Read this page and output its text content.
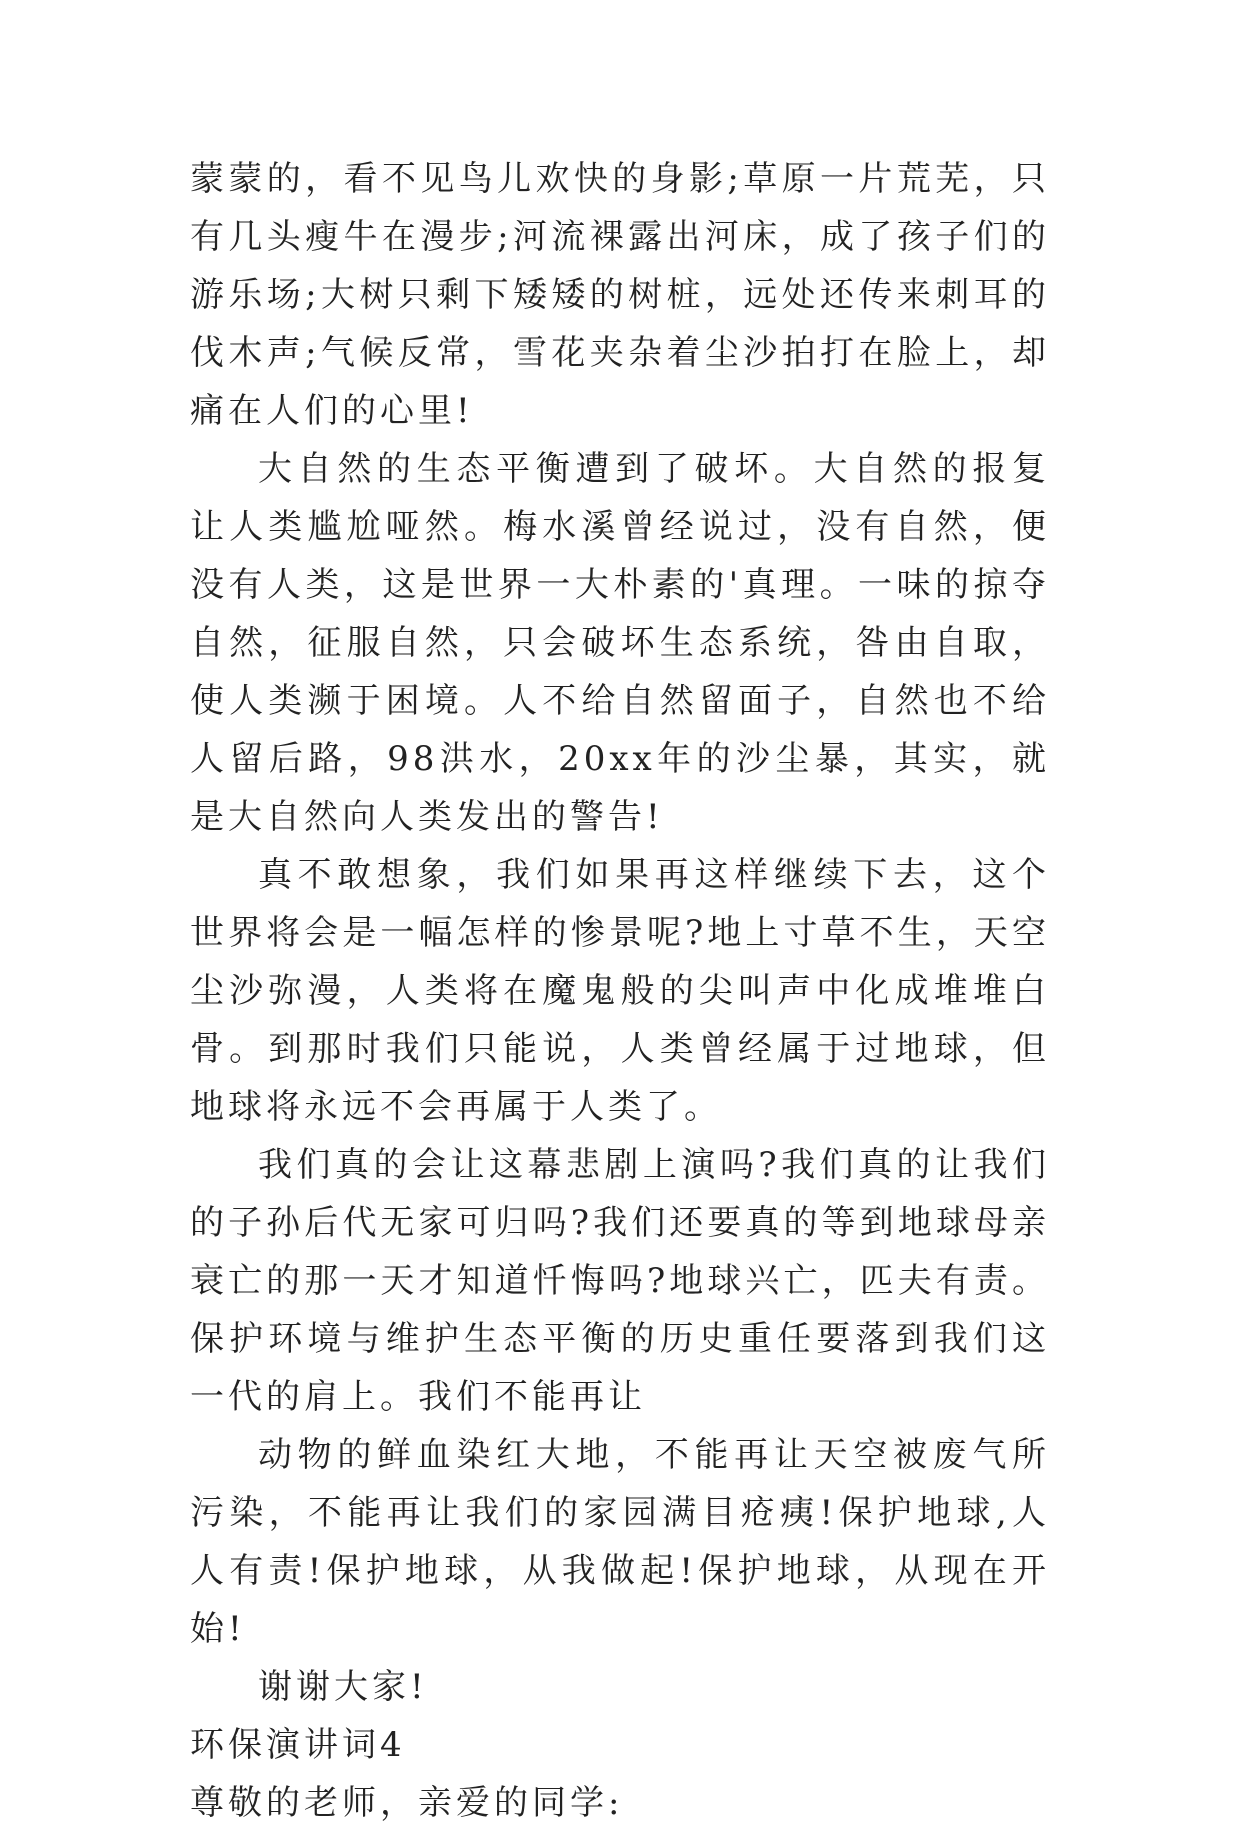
蒙蒙的，看不见鸟儿欢快的身影;草原一片荒芜，只有几头瘦牛在漫步;河流裸露出河床，成了孩子们的游乐场;大树只剩下矮矮的树桩，远处还传来刺耳的伐木声;气候反常，雪花夹杂着尘沙拍打在脸上，却痛在人们的心里!

大自然的生态平衡遭到了破坏。大自然的报复让人类尴尬哑然。梅水溪曾经说过，没有自然，便没有人类，这是世界一大朴素的'真理。一味的掠夺自然，征服自然，只会破坏生态系统，咎由自取，使人类濒于困境。人不给自然留面子，自然也不给人留后路，98洪水，20xx年的沙尘暴，其实，就是大自然向人类发出的警告!

真不敢想象，我们如果再这样继续下去，这个世界将会是一幅怎样的惨景呢?地上寸草不生，天空尘沙弥漫，人类将在魔鬼般的尖叫声中化成堆堆白骨。到那时我们只能说，人类曾经属于过地球，但地球将永远不会再属于人类了。

我们真的会让这幕悲剧上演吗?我们真的让我们的子孙后代无家可归吗?我们还要真的等到地球母亲衰亡的那一天才知道忏悔吗?地球兴亡，匹夫有责。保护环境与维护生态平衡的历史重任要落到我们这一代的肩上。我们不能再让

动物的鲜血染红大地，不能再让天空被废气所污染，不能再让我们的家园满目疮痍!保护地球,人人有责!保护地球，从我做起!保护地球，从现在开始!

谢谢大家!

环保演讲词4

尊敬的老师，亲爱的同学:
